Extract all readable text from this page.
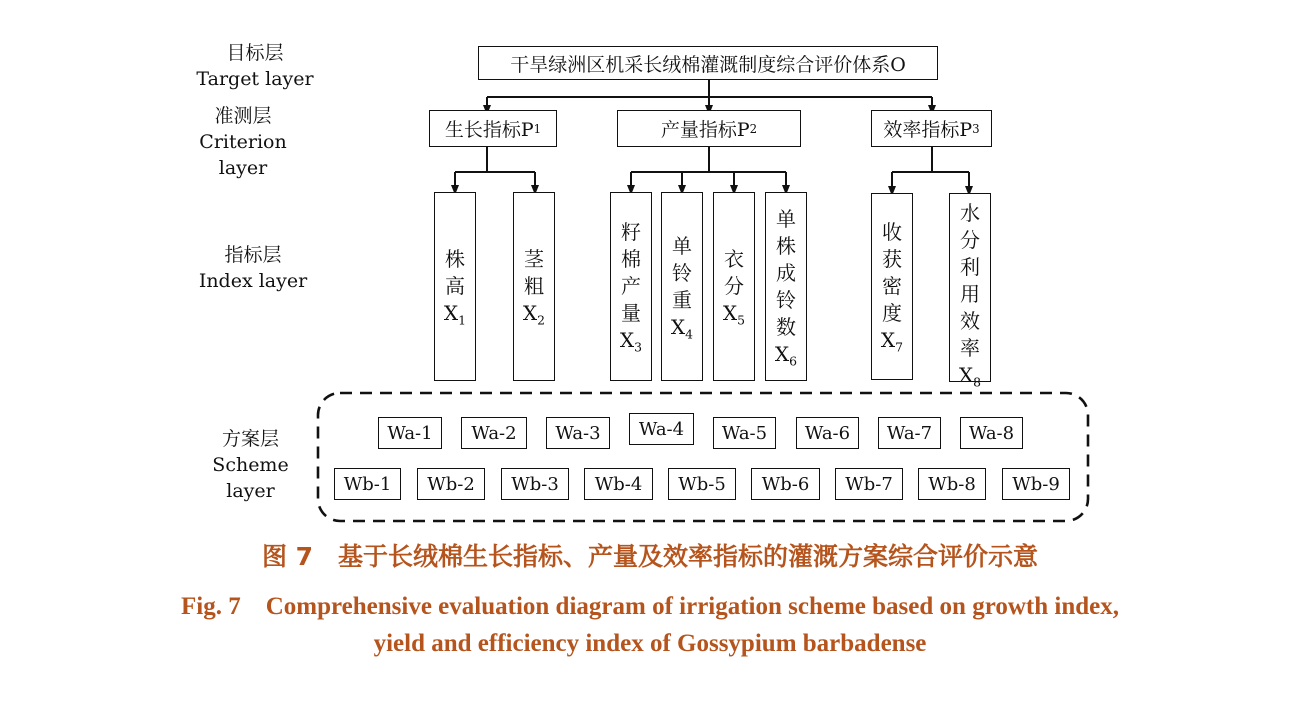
目标层
Target layer
准测层
Criterion layer
指标层
Index layer
方案层
Scheme layer
干旱绿洲区机采长绒棉灌溉制度综合评价体系O
生长指标P 1	产量指标P 2	效率指标P 3
株
高
$X_1$
茎
粗
$X_2$
籽
棉
产
量
$X_3$
单
铃
重
$X_4$
衣
分
$X_5$
单
株
成
铃
数
$X_6$
收
获
密
度
$X_7$
水
分
利
用
效
率
$X_8$
Wa-1 Wa-2 Wa-3 Wa-4 Wa-5 Wa-6 Wa-7 Wa-8
Wb-1 Wb-2 Wb-3 Wb-4 Wb-5 Wb-6 Wb-7 Wb-8 Wb-9
图 7　基于长绒棉生长指标、产量及效率指标的灌溉方案综合评价示意
Fig. 7　Comprehensive evaluation diagram of irrigation scheme based on growth index,
yield and efficiency index of Gossypium barbadense
